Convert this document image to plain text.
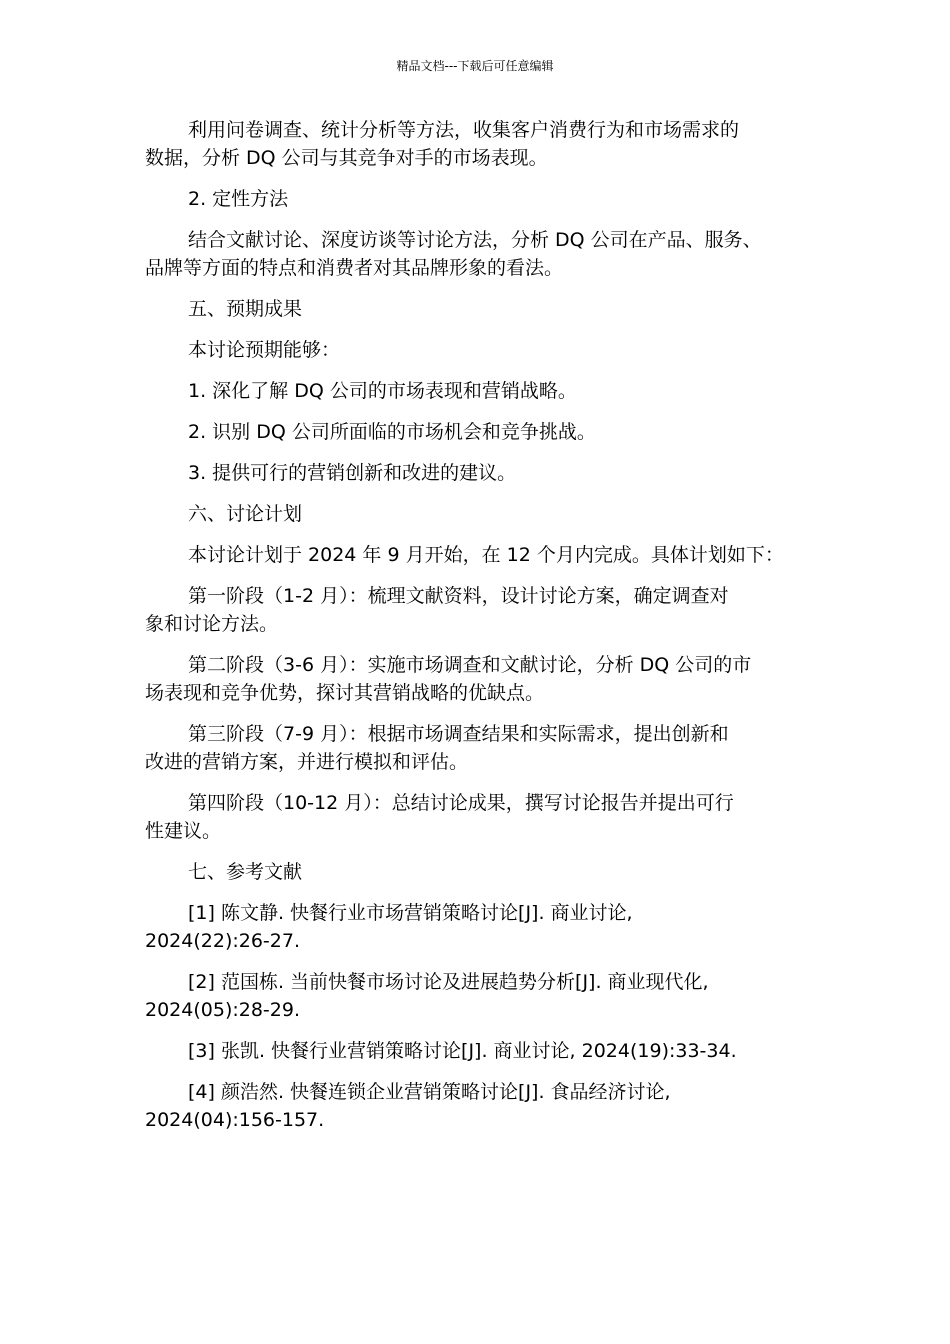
精品文档---下载后可任意编辑
利用问卷调查、统计分析等方法，收集客户消费行为和市场需求的
数据，分析 DQ 公司与其竞争对手的市场表现。
2. 定性方法
结合文献讨论、深度访谈等讨论方法，分析 DQ 公司在产品、服务、
品牌等方面的特点和消费者对其品牌形象的看法。
五、预期成果
本讨论预期能够：
1. 深化了解 DQ 公司的市场表现和营销战略。
2. 识别 DQ 公司所面临的市场机会和竞争挑战。
3. 提供可行的营销创新和改进的建议。
六、讨论计划
本讨论计划于 2024 年 9 月开始，在 12 个月内完成。具体计划如下：
第一阶段（1-2 月）：梳理文献资料，设计讨论方案，确定调查对
象和讨论方法。
第二阶段（3-6 月）：实施市场调查和文献讨论，分析 DQ 公司的市
场表现和竞争优势，探讨其营销战略的优缺点。
第三阶段（7-9 月）：根据市场调查结果和实际需求，提出创新和
改进的营销方案，并进行模拟和评估。
第四阶段（10-12 月）：总结讨论成果，撰写讨论报告并提出可行
性建议。
七、参考文献
[1] 陈文静. 快餐行业市场营销策略讨论[J]. 商业讨论,
2024(22):26-27.
[2] 范国栋. 当前快餐市场讨论及进展趋势分析[J]. 商业现代化,
2024(05):28-29.
[3] 张凯. 快餐行业营销策略讨论[J]. 商业讨论, 2024(19):33-34.
[4] 颜浩然. 快餐连锁企业营销策略讨论[J]. 食品经济讨论,
2024(04):156-157.
